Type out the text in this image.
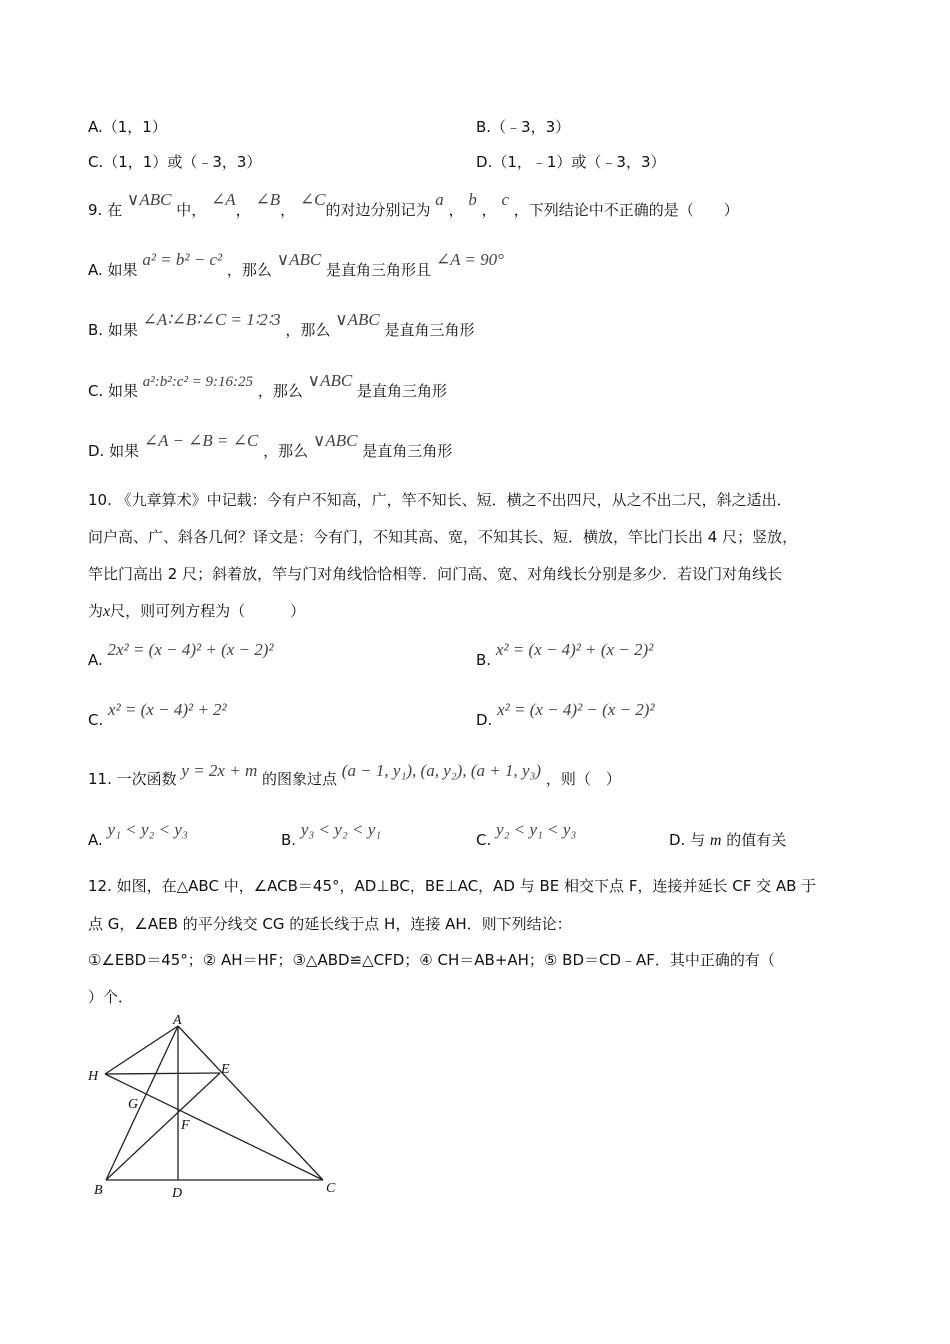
A.（1，1）	B.（﹣3，3）
C.（1，1）或（﹣3，3）	D.（1，﹣1）或（﹣3，3）
9. 在 ∨ABC 中， ∠A， ∠B， ∠C的对边分别记为 a ， b ， c ，下列结论中不正确的是（　　）
A. 如果 a² = b² − c² ，那么 ∨ABC 是直角三角形且 ∠A = 90°
B. 如果 ∠A∶∠B∶∠C = 1∶2∶3 ，那么 ∨ABC 是直角三角形
C. 如果 a²:b²:c² = 9:16:25 ，那么 ∨ABC 是直角三角形
D. 如果 ∠A − ∠B = ∠C ，那么 ∨ABC 是直角三角形
10. 《九章算术》中记载：今有户不知高，广，竿不知长、短．横之不出四尺，从之不出二尺，斜之适出．
问户高、广、斜各几何？译文是：今有门，不知其高、宽，不知其长、短．横放，竿比门长出 4 尺；竖放，
竿比门高出 2 尺；斜着放，竿与门对角线恰恰相等．问门高、宽、对角线长分别是多少．若设门对角线长
为x尺，则可列方程为（　　　）
A. 2x² = (x − 4)² + (x − 2)²
B. x² = (x − 4)² + (x − 2)²
C. x² = (x − 4)² + 2²
D. x² = (x − 4)² − (x − 2)²
11. 一次函数 y = 2x + m 的图象过点 (a − 1, y₁), (a, y₂), (a + 1, y₃) ，则（　）
A. y₁ < y₂ < y₃
B. y₃ < y₂ < y₁
C. y₂ < y₁ < y₃
D. 与 m 的值有关
12. 如图，在△ABC 中，∠ACB＝45°，AD⊥BC，BE⊥AC，AD 与 BE 相交下点 F，连接并延长 CF 交 AB 于
点 G，∠AEB 的平分线交 CG 的延长线于点 H，连接 AH．则下列结论：
①∠EBD＝45°；② AH＝HF；③△ABD≌△CFD；④ CH＝AB+AH；⑤ BD＝CD﹣AF．其中正确的有（
）个．
A
B	C
D
E
F
G
H
